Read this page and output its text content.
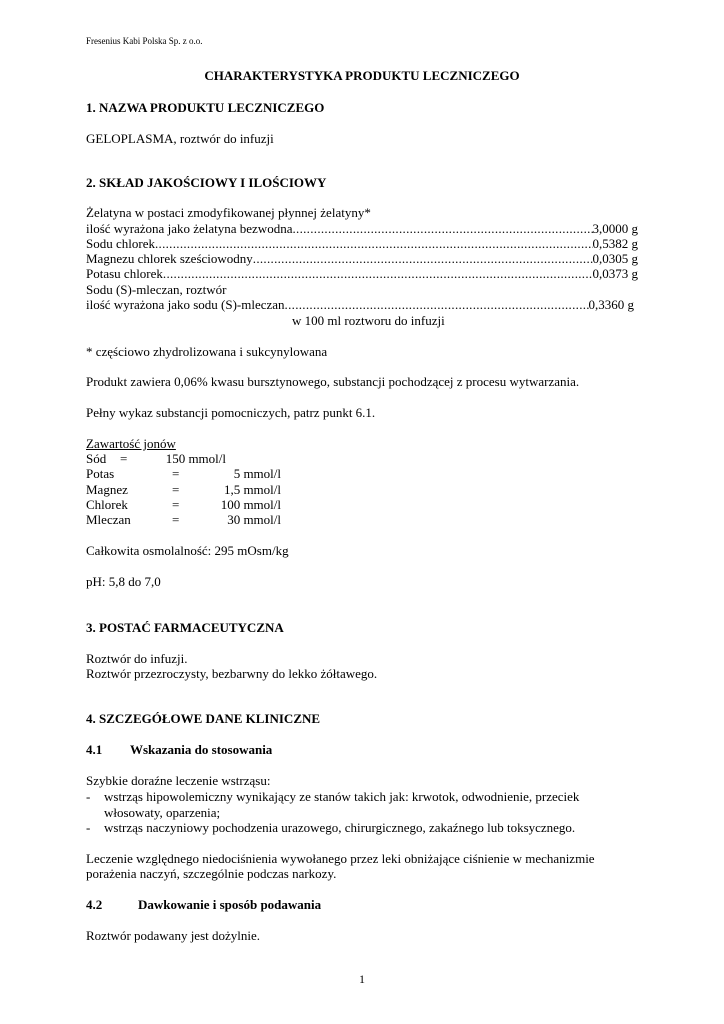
Fresenius Kabi Polska Sp. z o.o.
CHARAKTERYSTYKA PRODUKTU LECZNICZEGO
1. NAZWA PRODUKTU LECZNICZEGO
GELOPLASMA, roztwór do infuzji
2. SKŁAD JAKOŚCIOWY I ILOŚCIOWY
Żelatyna w postaci zmodyfikowanej płynnej żelatyny*
ilość wyrażona jako żelatyna bezwodna .....	3,0000 g
Sodu chlorek .....	0,5382 g
Magnezu chlorek sześciowodny .....	0,0305 g
Potasu chlorek .....	0,0373 g
Sodu (S)-mleczan, roztwór
ilość wyrażona jako sodu (S)-mleczan .....	0,3360 g
w 100 ml roztworu do infuzji
* częściowo zhydrolizowana i sukcynylowana
Produkt zawiera 0,06% kwasu bursztynowego, substancji pochodzącej z procesu wytwarzania.
Pełny wykaz substancji pomocniczych, patrz punkt 6.1.
Zawartość jonów
Sód =	150 mmol/l
Potas	=	5 mmol/l
Magnez	=	1,5 mmol/l
Chlorek	=	100 mmol/l
Mleczan	=	30 mmol/l
Całkowita osmolalność: 295 mOsm/kg
pH: 5,8 do 7,0
3. POSTAĆ FARMACEUTYCZNA
Roztwór do infuzji.
Roztwór przezroczysty, bezbarwny do lekko żółtawego.
4. SZCZEGÓŁOWE DANE KLINICZNE
4.1 Wskazania do stosowania
Szybkie doraźne leczenie wstrząsu:
- wstrząs hipowolemiczny wynikający ze stanów takich jak: krwotok, odwodnienie, przeciek
włosowaty, oparzenia;
- wstrząs naczyniowy pochodzenia urazowego, chirurgicznego, zakaźnego lub toksycznego.
Leczenie względnego niedociśnienia wywołanego przez leki obniżające ciśnienie w mechanizmie
porażenia naczyń, szczególnie podczas narkozy.
4.2	Dawkowanie i sposób podawania
Roztwór podawany jest dożylnie.
1
